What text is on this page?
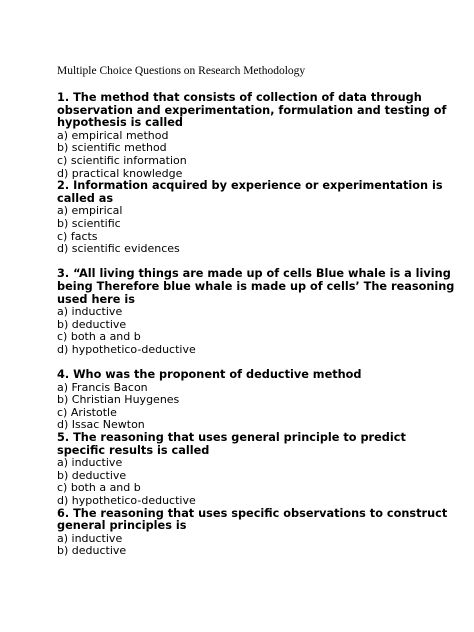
Multiple Choice Questions on Research Methodology

1. The method that consists of collection of data through observation and experimentation, formulation and testing of hypothesis is called

a) empirical method

b) scientific method

c) scientific information

d) practical knowledge

2. Information acquired by experience or experimentation is called as

a) empirical

b) scientific

c) facts

d) scientific evidences

3. “All living things are made up of cells Blue whale is a living being Therefore blue whale is made up of cells’ The reasoning used here is

a) inductive

b) deductive

c) both a and b

d) hypothetico-deductive

4. Who was the proponent of deductive method

a) Francis Bacon

b) Christian Huygenes

c) Aristotle

d) Issac Newton

5. The reasoning that uses general principle to predict specific results is called

a) inductive

b) deductive

c) both a and b

d) hypothetico-deductive

6. The reasoning that uses specific observations to construct general principles is

a) inductive

b) deductive
